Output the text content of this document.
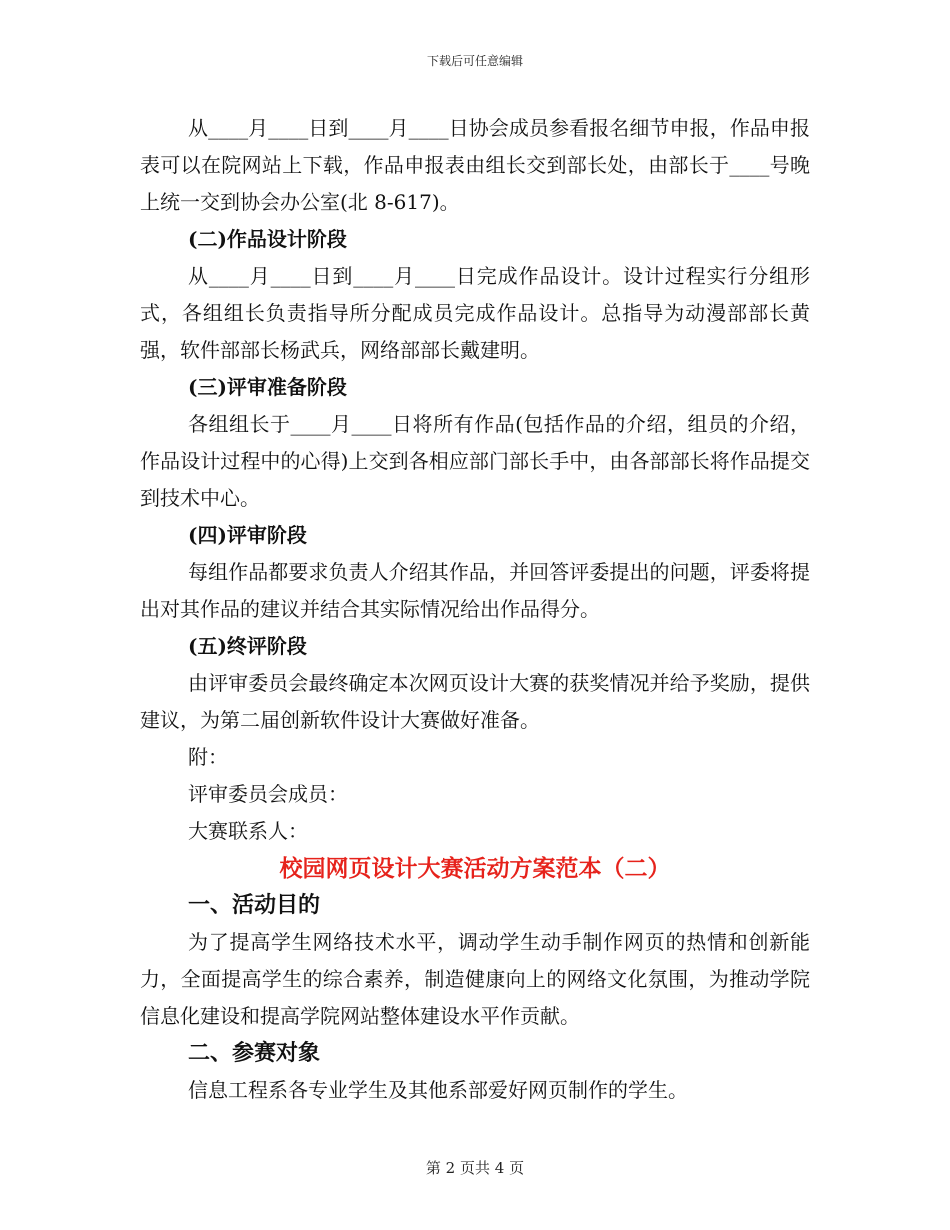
下载后可任意编辑

从____月____日到____月____日协会成员参看报名细节申报，作品申报表可以在院网站上下载，作品申报表由组长交到部长处，由部长于____号晚上统一交到协会办公室(北 8-617)。

(二)作品设计阶段

从____月____日到____月____日完成作品设计。设计过程实行分组形式，各组组长负责指导所分配成员完成作品设计。总指导为动漫部部长黄强，软件部部长杨武兵，网络部部长戴建明。

(三)评审准备阶段

各组组长于____月____日将所有作品(包括作品的介绍，组员的介绍，作品设计过程中的心得)上交到各相应部门部长手中，由各部部长将作品提交到技术中心。

(四)评审阶段

每组作品都要求负责人介绍其作品，并回答评委提出的问题，评委将提出对其作品的建议并结合其实际情况给出作品得分。

(五)终评阶段

由评审委员会最终确定本次网页设计大赛的获奖情况并给予奖励，提供建议，为第二届创新软件设计大赛做好准备。

附：

评审委员会成员：

大赛联系人：

校园网页设计大赛活动方案范本（二）

一、活动目的

为了提高学生网络技术水平，调动学生动手制作网页的热情和创新能力，全面提高学生的综合素养，制造健康向上的网络文化氛围，为推动学院信息化建设和提高学院网站整体建设水平作贡献。

二、参赛对象

信息工程系各专业学生及其他系部爱好网页制作的学生。

第 2 页共 4 页
